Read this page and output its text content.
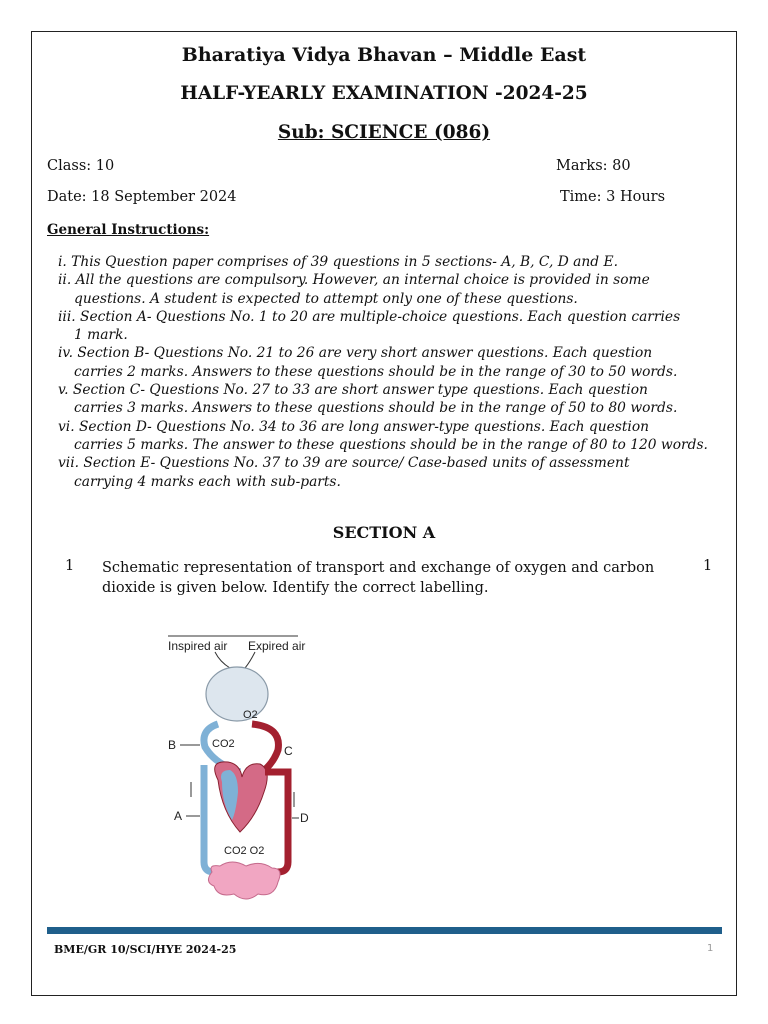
Bharatiya Vidya Bhavan – Middle East
HALF-YEARLY EXAMINATION -2024-25
Sub: SCIENCE (086)
Class: 10	Marks: 80
Date: 18 September 2024	Time: 3 Hours
General Instructions:

i. This Question paper comprises of 39 questions in 5 sections- A, B, C, D and E.

ii. All the questions are compulsory. However, an internal choice is provided in some

questions. A student is expected to attempt only one of these questions.

iii. Section A- Questions No. 1 to 20 are multiple-choice questions. Each question carries

1 mark.

iv. Section B- Questions No. 21 to 26 are very short answer questions. Each question

carries 2 marks. Answers to these questions should be in the range of 30 to 50 words.

v. Section C- Questions No. 27 to 33 are short answer type questions. Each question

carries 3 marks. Answers to these questions should be in the range of 50 to 80 words.

vi. Section D- Questions No. 34 to 36 are long answer-type questions. Each question

carries 5 marks. The answer to these questions should be in the range of 80 to 120 words.

vii. Section E- Questions No. 37 to 39 are source/ Case-based units of assessment

carrying 4 marks each with sub-parts.

SECTION A
1 Schematic representation of transport and exchange of oxygen and carbon dioxide is given below. Identify the correct labelling.
1
Inspired air Expired air
O2
CO2
CO2 O2
B	C
A	D
BME/GR 10/SCI/HYE 2024-25	1
